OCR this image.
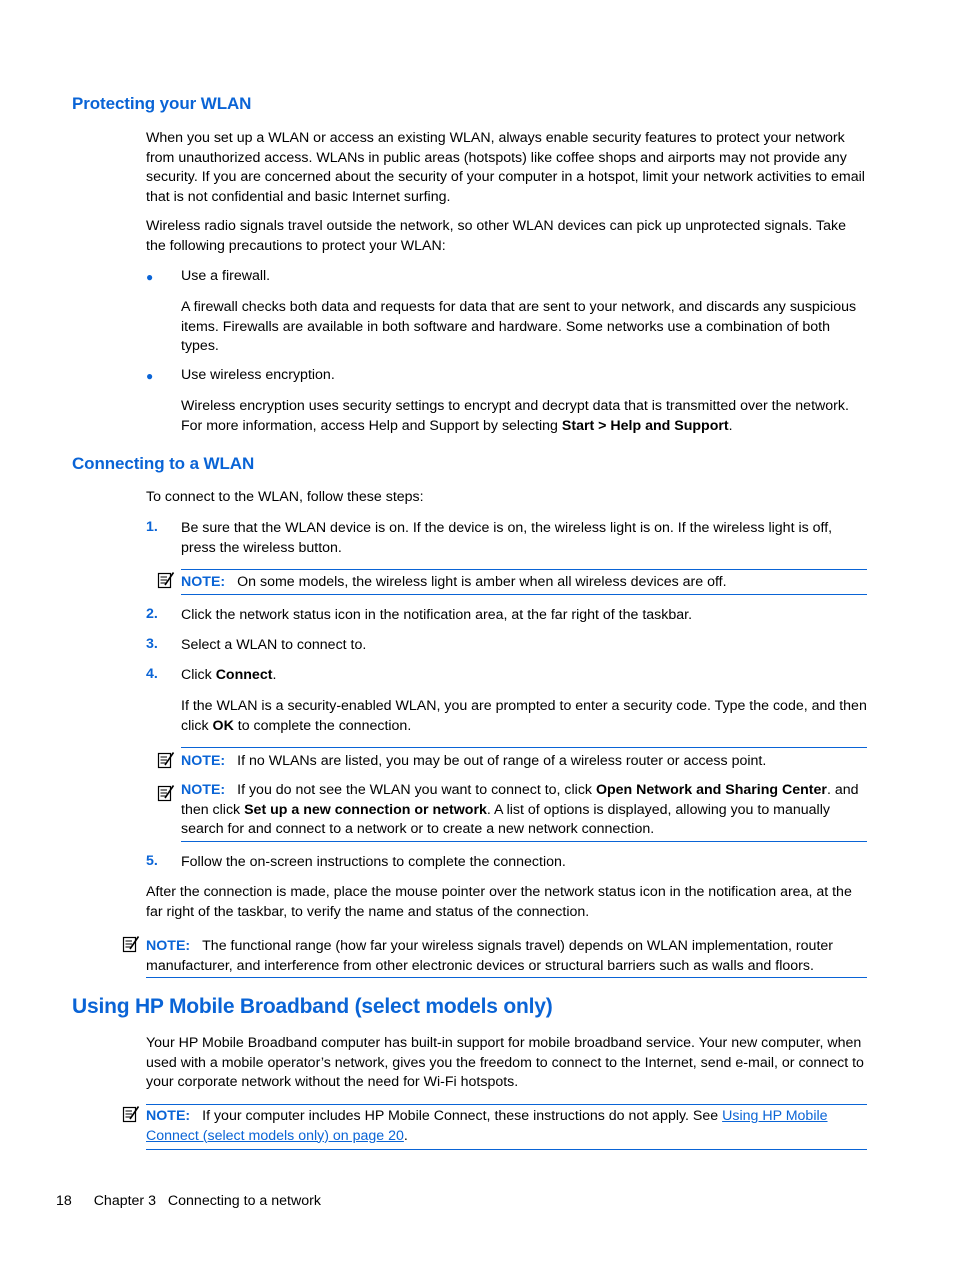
Protecting your WLAN

When you set up a WLAN or access an existing WLAN, always enable security features to protect your network from unauthorized access. WLANs in public areas (hotspots) like coffee shops and airports may not provide any security. If you are concerned about the security of your computer in a hotspot, limit your network activities to email that is not confidential and basic Internet surfing.

Wireless radio signals travel outside the network, so other WLAN devices can pick up unprotected signals. Take the following precautions to protect your WLAN:

● Use a firewall.

A firewall checks both data and requests for data that are sent to your network, and discards any suspicious items. Firewalls are available in both software and hardware. Some networks use a combination of both types.

● Use wireless encryption.

Wireless encryption uses security settings to encrypt and decrypt data that is transmitted over the network. For more information, access Help and Support by selecting Start > Help and Support.

Connecting to a WLAN

To connect to the WLAN, follow these steps:

1. Be sure that the WLAN device is on. If the device is on, the wireless light is on. If the wireless light is off, press the wireless button.

NOTE: On some models, the wireless light is amber when all wireless devices are off.
2. Click the network status icon in the notification area, at the far right of the taskbar.

3. Select a WLAN to connect to.

4. Click Connect.

If the WLAN is a security-enabled WLAN, you are prompted to enter a security code. Type the code, and then click OK to complete the connection.

NOTE: If no WLANs are listed, you may be out of range of a wireless router or access point.
NOTE: If you do not see the WLAN you want to connect to, click Open Network and Sharing Center. and then click Set up a new connection or network. A list of options is displayed, allowing you to manually search for and connect to a network or to create a new network connection.
5. Follow the on-screen instructions to complete the connection.

After the connection is made, place the mouse pointer over the network status icon in the notification area, at the far right of the taskbar, to verify the name and status of the connection.

NOTE: The functional range (how far your wireless signals travel) depends on WLAN implementation, router manufacturer, and interference from other electronic devices or structural barriers such as walls and floors.
Using HP Mobile Broadband (select models only)

Your HP Mobile Broadband computer has built-in support for mobile broadband service. Your new computer, when used with a mobile operator’s network, gives you the freedom to connect to the Internet, send e-mail, or connect to your corporate network without the need for Wi-Fi hotspots.

NOTE: If your computer includes HP Mobile Connect, these instructions do not apply. See Using HP Mobile Connect (select models only) on page 20.
18 Chapter 3 Connecting to a network
